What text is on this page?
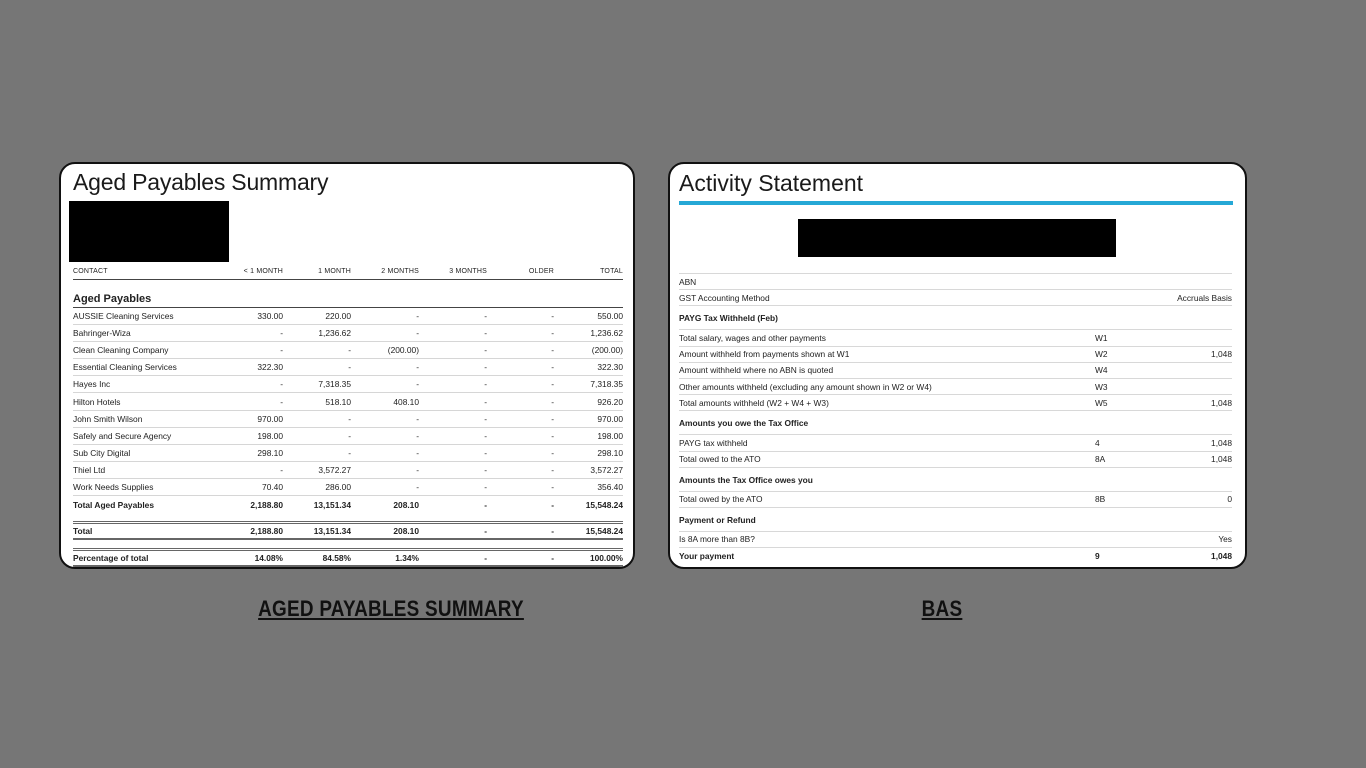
Aged Payables Summary
CONTACT	< 1 MONTH	1 MONTH	2 MONTHS	3 MONTHS	OLDER	TOTAL
Aged Payables
AUSSIE Cleaning Services	330.00	220.00	-	-	-	550.00
Bahringer-Wiza	-	1,236.62	-	-	-	1,236.62
Clean Cleaning Company	-	-	(200.00)	-	-	(200.00)
Essential Cleaning Services	322.30	-	-	-	-	322.30
Hayes Inc	-	7,318.35	-	-	-	7,318.35
Hilton Hotels	-	518.10	408.10	-	-	926.20
John Smith Wilson	970.00	-	-	-	-	970.00
Safely and Secure Agency	198.00	-	-	-	-	198.00
Sub City Digital	298.10	-	-	-	-	298.10
Thiel Ltd	-	3,572.27	-	-	-	3,572.27
Work Needs Supplies	70.40	286.00	-	-	-	356.40
Total Aged Payables	2,188.80	13,151.34	208.10	-	-	15,548.24
Total	2,188.80	13,151.34	208.10	-	-	15,548.24
Percentage of total	14.08%	84.58%	1.34%	-	-	100.00%
Activity Statement
ABN
GST Accounting Method	Accruals Basis
PAYG Tax Withheld (Feb)
Total salary, wages and other payments	W1
Amount withheld from payments shown at W1	W2	1,048
Amount withheld where no ABN is quoted	W4
Other amounts withheld (excluding any amount shown in W2 or W4)	W3
Total amounts withheld (W2 + W4 + W3)	W5	1,048
Amounts you owe the Tax Office
PAYG tax withheld	4	1,048
Total owed to the ATO	8A	1,048
Amounts the Tax Office owes you
Total owed by the ATO	8B	0
Payment or Refund
Is 8A more than 8B?	Yes
Your payment	9	1,048
AGED PAYABLES SUMMARY	BAS
